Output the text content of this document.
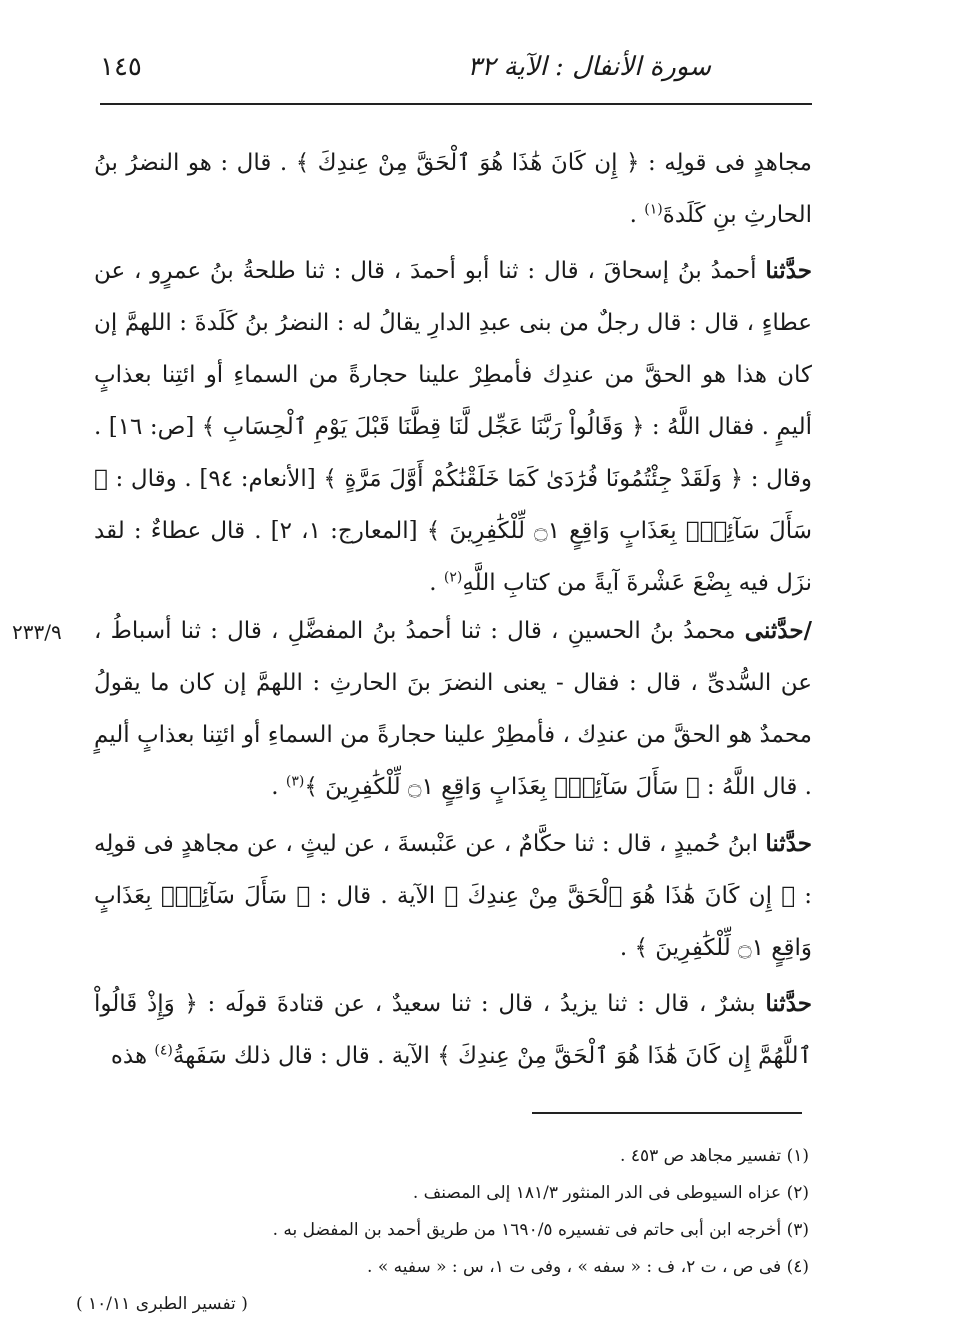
١٤٥	سورة الأنفال : الآية ٣٢

مجاهدٍ فى قولِه : ﴿ إِن كَانَ هَٰذَا هُوَ ٱلْحَقَّ مِنْ عِندِكَ ﴾ . قال : هو النضرُ بنُ الحارثِ بنِ كَلَدةَ$^{(١)}$ .

حدَّثنا أحمدُ بنُ إسحاقَ ، قال : ثنا أبو أحمدَ ، قال : ثنا طلحةُ بنُ عمرٍو ، عن عطاءٍ ، قال : قال رجلٌ من بنى عبدِ الدارِ يقالُ له : النضرُ بنُ كَلَدةَ : اللهمَّ إن كان هذا هو الحقَّ من عندِك فأمطِرْ علينا حجارةً من السماءِ أو ائتِنا بعذابٍ أليمٍ . فقال اللَّهُ : ﴿ وَقَالُواْ رَبَّنَا عَجِّل لَّنَا قِطَّنَا قَبْلَ يَوْمِ ٱلْحِسَابِ ﴾ [ص: ١٦] . وقال : ﴿ وَلَقَدْ جِئْتُمُونَا فُرَٰدَىٰ كَمَا خَلَقْنَٰكُمْ أَوَّلَ مَرَّةٍ ﴾ [الأنعام: ٩٤] . وقال : ﴿ سَأَلَ سَآئِلٌۢ بِعَذَابٍ وَاقِعٍ ۝١ لِّلْكَٰفِرِينَ ﴾ [المعارج: ١، ٢] . قال عطاءٌ : لقد نزَل فيه بِضْعَ عَشْرةَ آيةً من كتابِ اللَّهِ$^{(٢)}$ .

٢٣٣/٩	/حدَّثنى محمدُ بنُ الحسينِ ، قال : ثنا أحمدُ بنُ المفضَّلِ ، قال : ثنا أسباطُ ، عن السُّدىِّ ، قال : فقال - يعنى النضرَ بنَ الحارثِ : اللهمَّ إن كان ما يقولُ محمدٌ هو الحقَّ من عندِك ، فأمطِرْ علينا حجارةً من السماءِ أو ائتِنا بعذابٍ أليمٍ . قال اللَّهُ : ﴿ سَأَلَ سَآئِلٌۢ بِعَذَابٍ وَاقِعٍ ۝١ لِّلْكَٰفِرِينَ ﴾$^{(٣)}$ .

حدَّثنا ابنُ حُميدٍ ، قال : ثنا حكَّامٌ ، عن عَنْبسةَ ، عن ليثٍ ، عن مجاهدٍ فى قولِه : ﴿ إِن كَانَ هَٰذَا هُوَ ٱلْحَقَّ مِنْ عِندِكَ ﴾ الآية . قال : ﴿ سَأَلَ سَآئِلٌۢ بِعَذَابٍ وَاقِعٍ ۝١ لِّلْكَٰفِرِينَ ﴾ .

حدَّثنا بشرٌ ، قال : ثنا يزيدُ ، قال : ثنا سعيدٌ ، عن قتادةَ قولَه : ﴿ وَإِذْ قَالُواْ ٱللَّهُمَّ إِن كَانَ هَٰذَا هُوَ ٱلْحَقَّ مِنْ عِندِكَ ﴾ الآية . قال : قال ذلك سَفَهةُ$^{(٤)}$ هذه

(١) تفسير مجاهد ص ٤٥٣ .

(٢) عزاه السيوطى فى الدر المنثور ١٨١/٣ إلى المصنف .

(٣) أخرجه ابن أبى حاتم فى تفسيره ١٦٩٠/٥ من طريق أحمد بن المفضل به .

(٤) فى ص ، ت ٢، ف : « سفه » ، وفى ت ١، س : « سفيه » .

( تفسير الطبرى ١٠/١١ )
